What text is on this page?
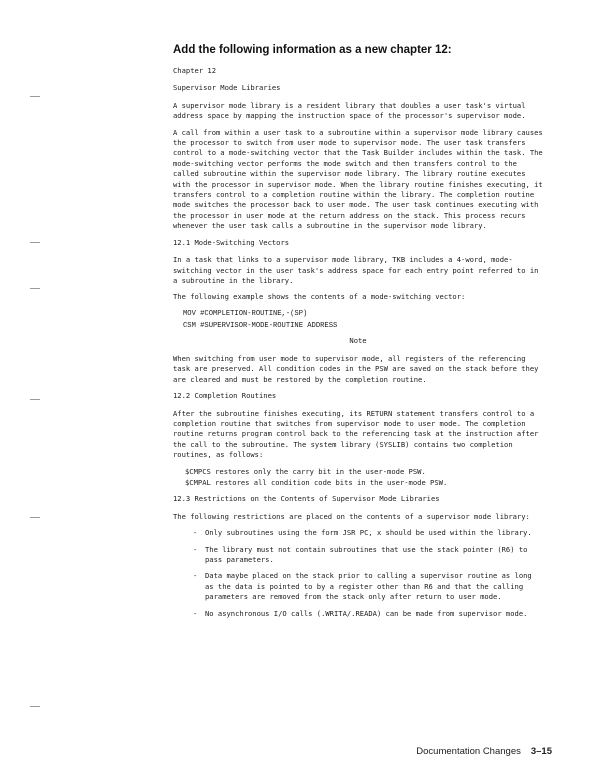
Add the following information as a new chapter 12:

Chapter 12

Supervisor Mode Libraries

A supervisor mode library is a resident library that doubles a user task's virtual address space by mapping the instruction space of the processor's supervisor mode.

A call from within a user task to a subroutine within a supervisor mode library causes the processor to switch from user mode to supervisor mode. The user task transfers control to a mode-switching vector that the Task Builder includes within the task. The mode-switching vector performs the mode switch and then transfers control to the called subroutine within the supervisor mode library. The library routine executes with the processor in supervisor mode. When the library routine finishes executing, it transfers control to a completion routine within the library. The completion routine mode switches the processor back to user mode. The user task continues executing with the processor in user mode at the return address on the stack. This process recurs whenever the user task calls a subroutine in the supervisor mode library.

12.1 Mode-Switching Vectors

In a task that links to a supervisor mode library, TKB includes a 4-word, mode-switching vector in the user task's address space for each entry point referred to in a subroutine in the library.

The following example shows the contents of a mode-switching vector:

MOV #COMPLETION-ROUTINE,-(SP)

CSM #SUPERVISOR-MODE-ROUTINE ADDRESS

Note

When switching from user mode to supervisor mode, all registers of the referencing task are preserved. All condition codes in the PSW are saved on the stack before they are cleared and must be restored by the completion routine.

12.2 Completion Routines

After the subroutine finishes executing, its RETURN statement transfers control to a completion routine that switches from supervisor mode to user mode. The completion routine returns program control back to the referencing task at the instruction after the call to the subroutine. The system library (SYSLIB) contains two completion routines, as follows:

$CMPCS restores only the carry bit in the user-mode PSW.

$CMPAL restores all condition code bits in the user-mode PSW.

12.3 Restrictions on the Contents of Supervisor Mode Libraries

The following restrictions are placed on the contents of a supervisor mode library:

- Only subroutines using the form JSR PC, x should be used within the library.
- The library must not contain subroutines that use the stack pointer (R6) to pass parameters.
- Data maybe placed on the stack prior to calling a supervisor routine as long as the data is pointed to by a register other than R6 and that the calling parameters are removed from the stack only after return to user mode.
- No asynchronous I/O calls (.WRITA/.READA) can be made from supervisor mode.
Documentation Changes 3–15
